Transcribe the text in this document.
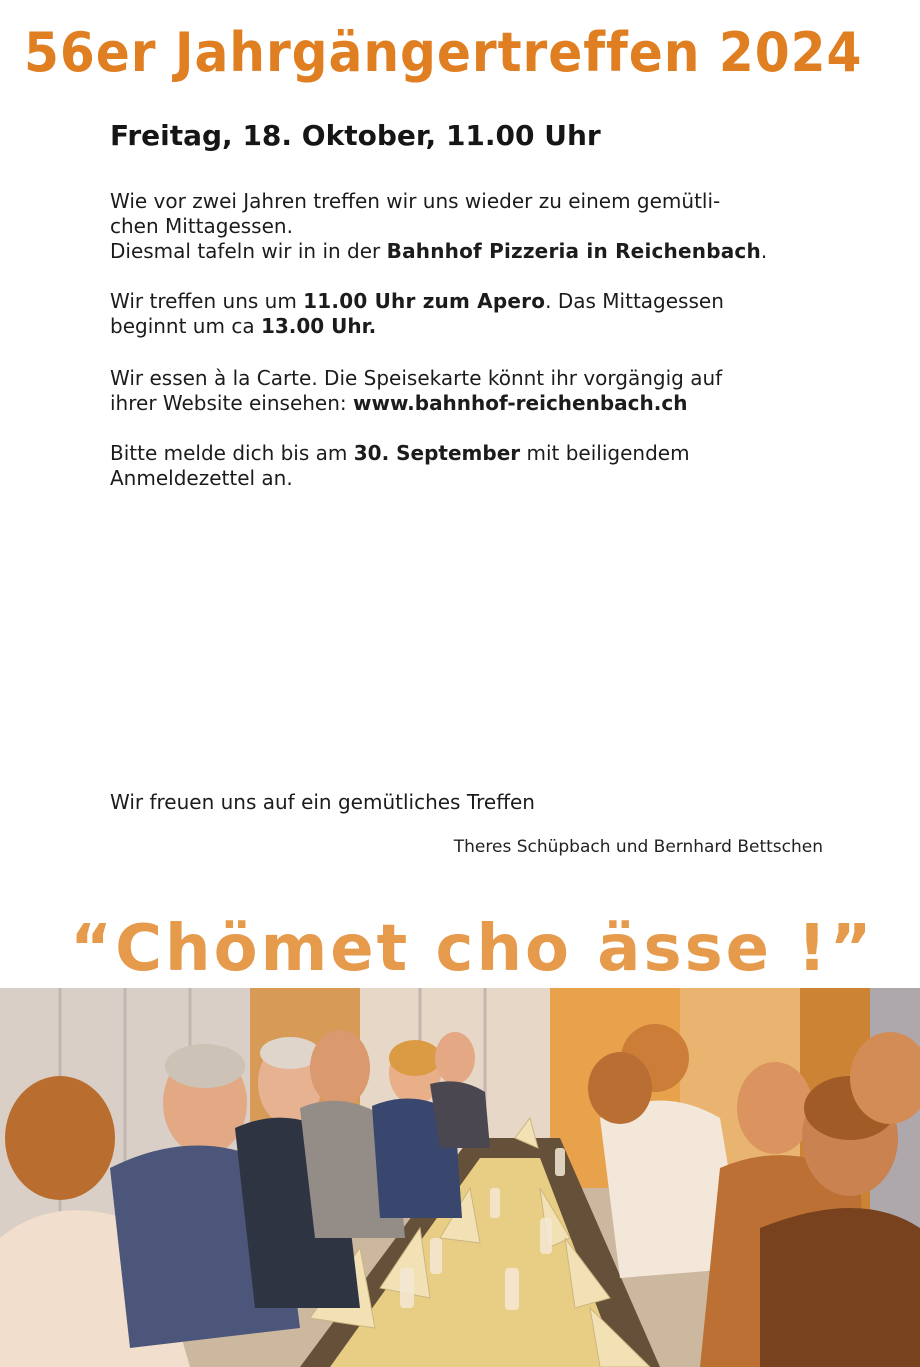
56er Jahrgängertreffen 2024
Freitag, 18. Oktober, 11.00 Uhr

Wie vor zwei Jahren treffen wir uns wieder zu einem gemütli-
chen Mittagessen.
Diesmal tafeln wir in in der Bahnhof Pizzeria in Reichenbach.

Wir treffen uns um 11.00 Uhr zum Apero. Das Mittagessen
beginnt um ca 13.00 Uhr.

Wir essen à la Carte. Die Speisekarte könnt ihr vorgängig auf
ihrer Website einsehen: www.bahnhof-reichenbach.ch

Bitte melde dich bis am 30. September mit beiligendem
Anmeldezettel an.

Wir freuen uns auf ein gemütliches Treffen
Theres Schüpbach und Bernhard Bettschen
“Chömet cho ässe !”
